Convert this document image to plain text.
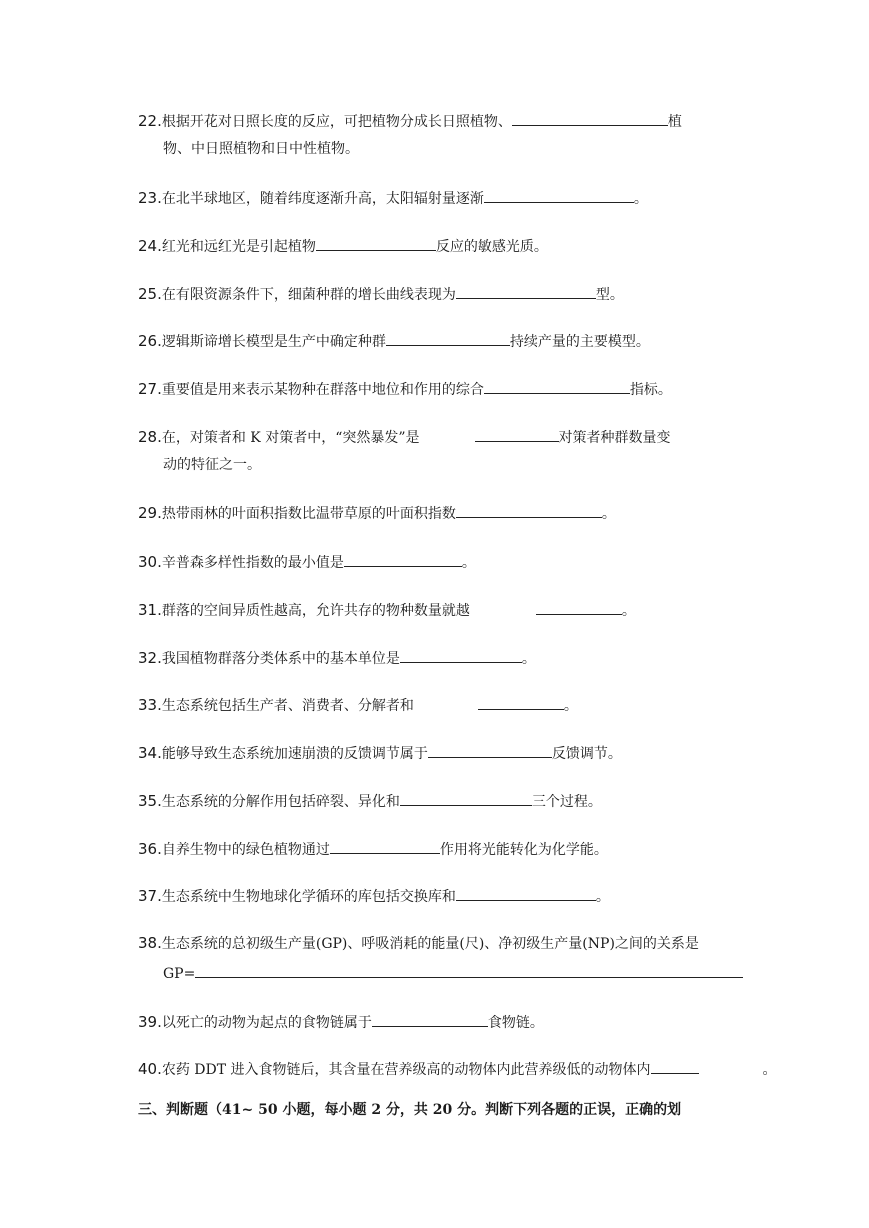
22.根据开花对日照长度的反应，可把植物分成长日照植物、	植
物、中日照植物和日中性植物。
23.在北半球地区，随着纬度逐渐升高，太阳辐射量逐渐	。
24.红光和远红光是引起植物	反应的敏感光质。
25.在有限资源条件下，细菌种群的增长曲线表现为	型。
26.逻辑斯谛增长模型是生产中确定种群	持续产量的主要模型。
27.重要值是用来表示某物种在群落中地位和作用的综合	指标。
28.在，对策者和 K 对策者中，“突然暴发”是	对策者种群数量变
动的特征之一。
29.热带雨林的叶面积指数比温带草原的叶面积指数	。
30.辛普森多样性指数的最小值是	。
31.群落的空间异质性越高，允许共存的物种数量就越	。
32.我国植物群落分类体系中的基本单位是	。
33.生态系统包括生产者、消费者、分解者和	。
34.能够导致生态系统加速崩溃的反馈调节属于	反馈调节。
35.生态系统的分解作用包括碎裂、异化和	三个过程。
36.自养生物中的绿色植物通过	作用将光能转化为化学能。
37.生态系统中生物地球化学循环的库包括交换库和	。
38.生态系统的总初级生产量(GP)、呼吸消耗的能量(尺)、净初级生产量(NP)之间的关系是
GP=
39.以死亡的动物为起点的食物链属于	食物链。
40.农药 DDT 进入食物链后，其含量在营养级高的动物体内此营养级低的动物体内	。
三、判断题（41~ 50 小题，每小题 2 分，共 20 分。判断下列各题的正误，正确的划
